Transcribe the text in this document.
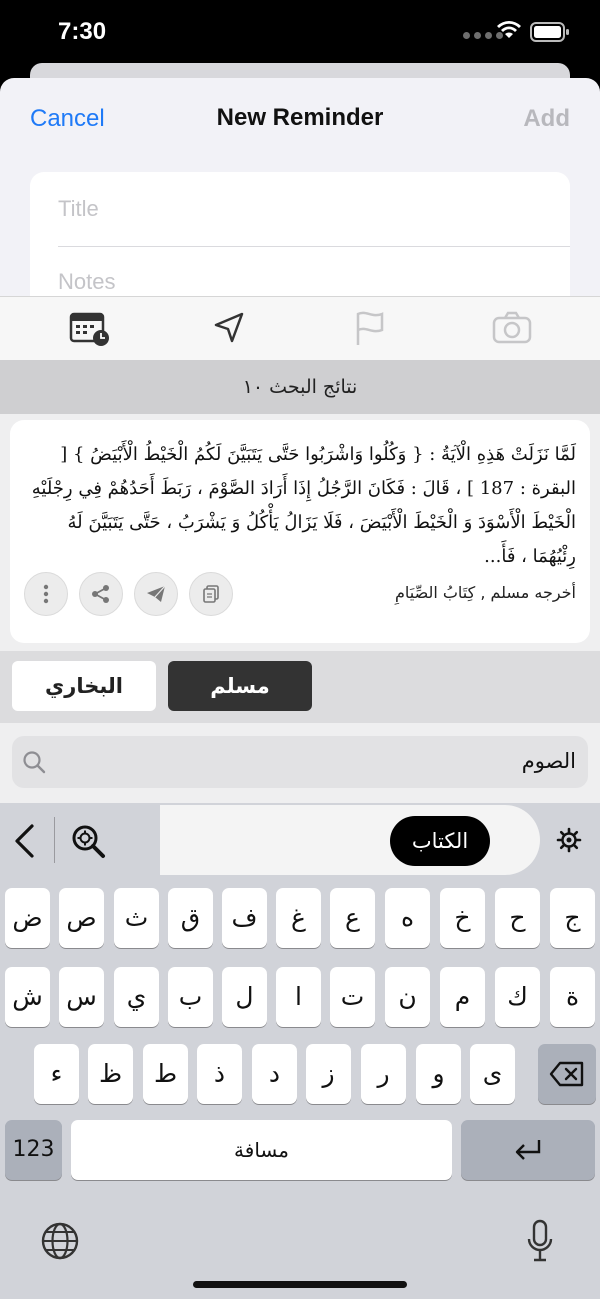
7:30
Cancel	New Reminder	Add
Title
Notes
نتائج البحث ١٠
لَمَّا نَزَلَتْ هَذِهِ الْآيَةُ : { وَكُلُوا وَاشْرَبُوا حَتَّى يَتَبَيَّنَ لَكُمُ الْخَيْطُ الْأَبْيَضُ } [ البقرة : 187 ] ، قَالَ : فَكَانَ الرَّجُلُ إِذَا أَرَادَ الصَّوْمَ ، رَبَطَ أَحَدُهُمْ فِي رِجْلَيْهِ الْخَيْطَ الْأَسْوَدَ وَ الْخَيْطَ الْأَبْيَضَ ، فَلَا يَزَالُ يَأْكُلُ وَ يَشْرَبُ ، حَتَّى يَتَبَيَّنَ لَهُ رِئْيُهُمَا ، فَأَ...
أخرجه مسلم , كِتَابُ الصِّيَامِ
مسلم
البخاري
الصوم
الكتاب
ج
ح
خ
ه
ع
غ
ف
ق
ث
ص
ض
ة
ك
م
ن
ت
ا
ل
ب
ي
س
ش
ى
و
ر
ز
د
ذ
ط
ظ
ء
123	مسافة
